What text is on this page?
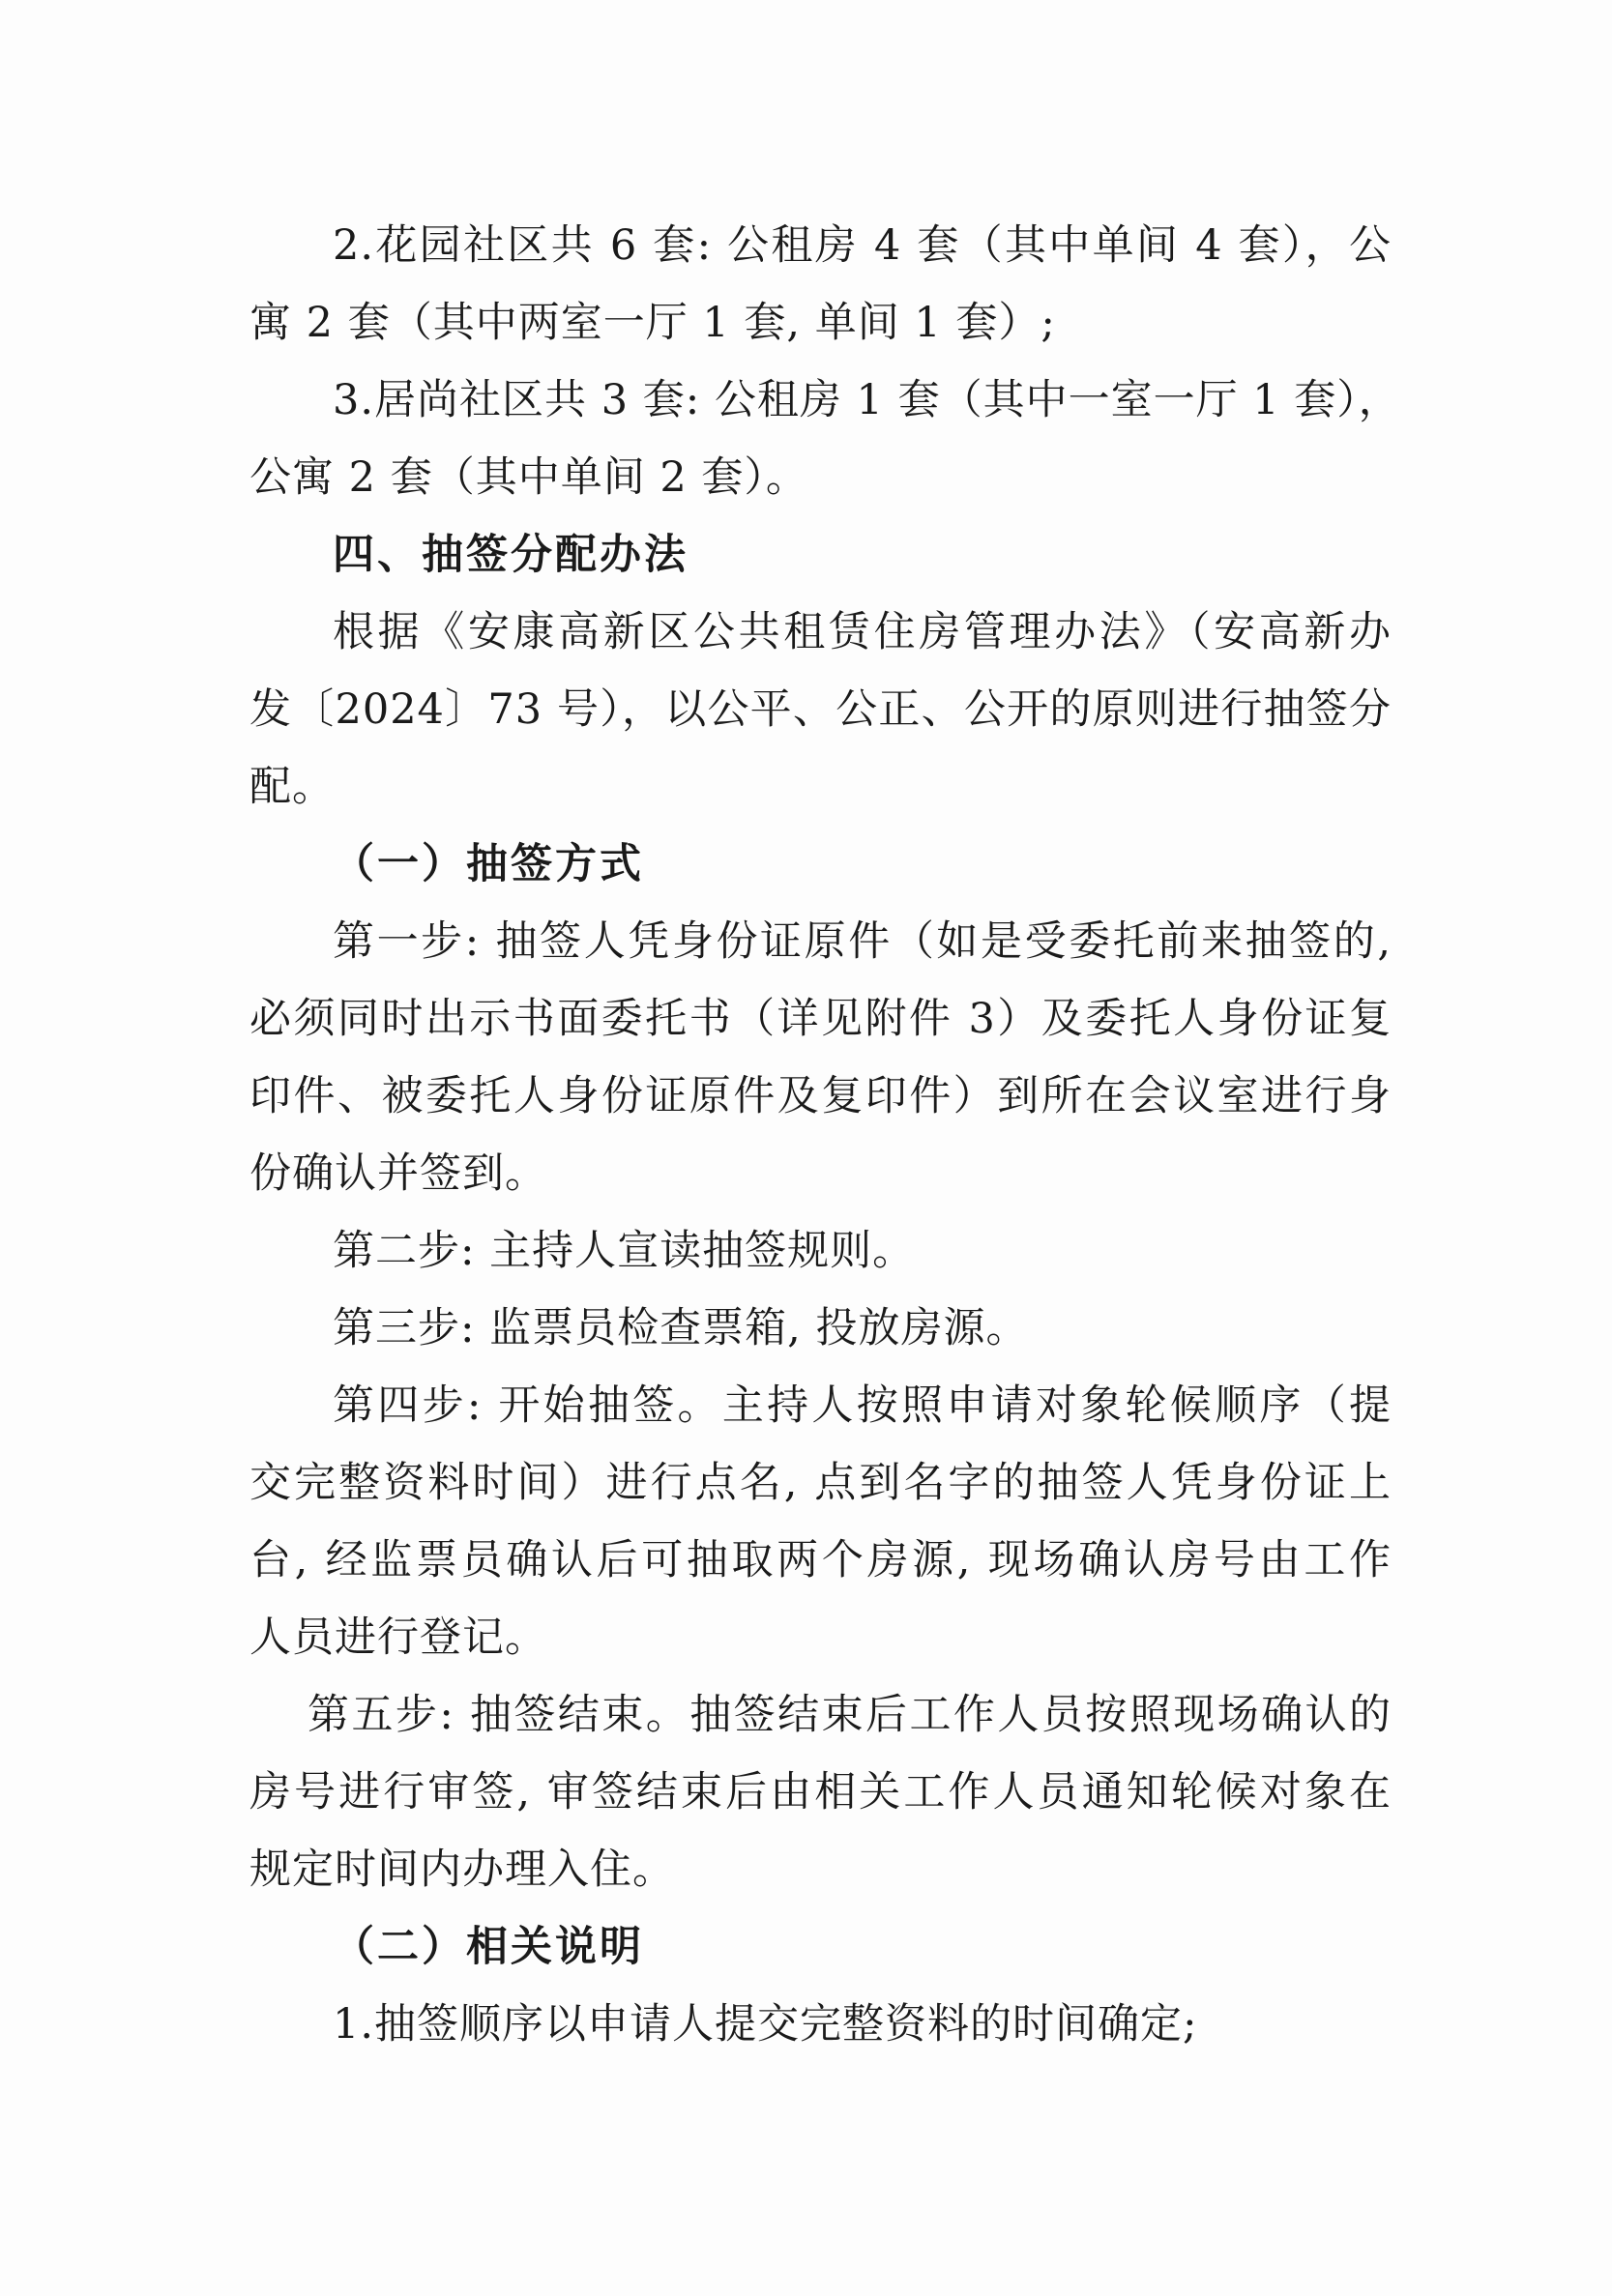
2.花园社区共 6 套: 公租房 4 套（其中单间 4 套），公
寓 2 套（其中两室一厅 1 套, 单间 1 套）;
3.居尚社区共 3 套: 公租房 1 套（其中一室一厅 1 套），
公寓 2 套（其中单间 2 套）。
四、抽签分配办法
根据《安康高新区公共租赁住房管理办法》（安高新办
发〔2024〕73 号），以公平、公正、公开的原则进行抽签分
配。
（一）抽签方式
第一步: 抽签人凭身份证原件（如是受委托前来抽签的,
必须同时出示书面委托书（详见附件 3）及委托人身份证复
印件、被委托人身份证原件及复印件）到所在会议室进行身
份确认并签到。
第二步: 主持人宣读抽签规则。
第三步: 监票员检查票箱, 投放房源。
第四步: 开始抽签。主持人按照申请对象轮候顺序（提
交完整资料时间）进行点名, 点到名字的抽签人凭身份证上
台, 经监票员确认后可抽取两个房源, 现场确认房号由工作
人员进行登记。
第五步: 抽签结束。抽签结束后工作人员按照现场确认的
房号进行审签, 审签结束后由相关工作人员通知轮候对象在
规定时间内办理入住。
（二）相关说明
1.抽签顺序以申请人提交完整资料的时间确定;
